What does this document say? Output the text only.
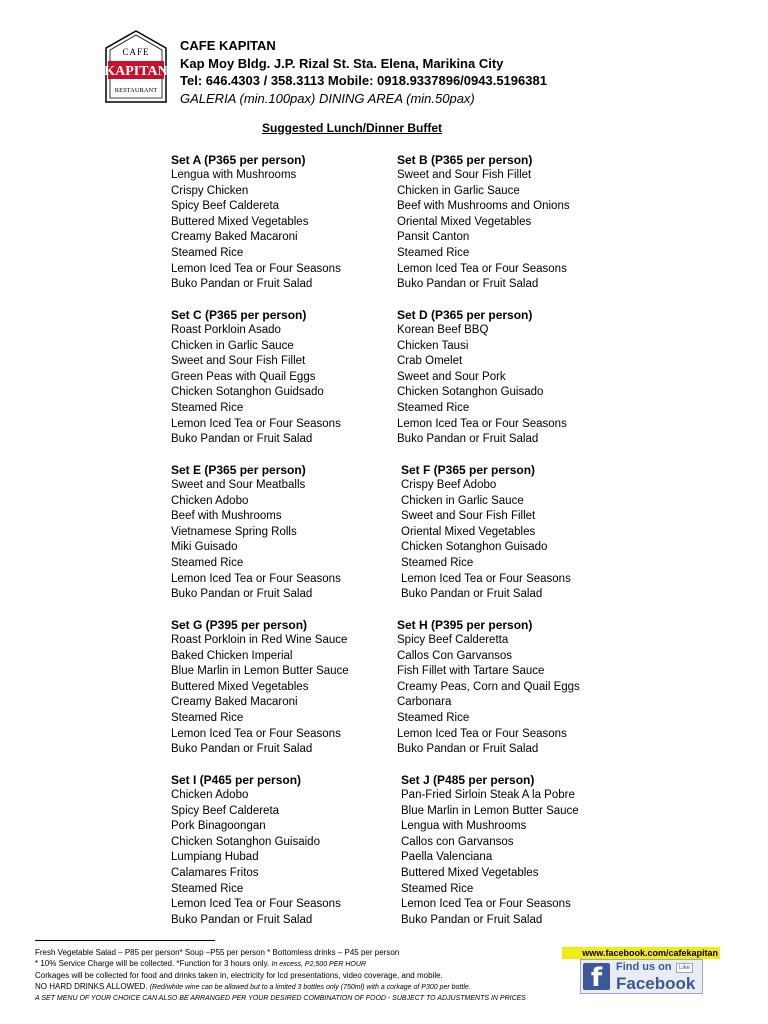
CAFE
KAPITAN
RESTAURANT
CAFE KAPITAN
Kap Moy Bldg. J.P. Rizal St. Sta. Elena, Marikina City
Tel: 646.4303 / 358.3113 Mobile: 0918.9337896/0943.5196381
GALERIA (min.100pax) DINING AREA (min.50pax)
Suggested Lunch/Dinner Buffet
Set A (P365 per person)
Lengua with Mushrooms
Crispy Chicken
Spicy Beef Caldereta
Buttered Mixed Vegetables
Creamy Baked Macaroni
Steamed Rice
Lemon Iced Tea or Four Seasons
Buko Pandan or Fruit Salad
Set B (P365 per person)
Sweet and Sour Fish Fillet
Chicken in Garlic Sauce
Beef with Mushrooms and Onions
Oriental Mixed Vegetables
Pansit Canton
Steamed Rice
Lemon Iced Tea or Four Seasons
Buko Pandan or Fruit Salad
Set C (P365 per person)
Roast Porkloin Asado
Chicken in Garlic Sauce
Sweet and Sour Fish Fillet
Green Peas with Quail Eggs
Chicken Sotanghon Guidsado
Steamed Rice
Lemon Iced Tea or Four Seasons
Buko Pandan or Fruit Salad
Set D (P365 per person)
Korean Beef BBQ
Chicken Tausi
Crab Omelet
Sweet and Sour Pork
Chicken Sotanghon Guisado
Steamed Rice
Lemon Iced Tea or Four Seasons
Buko Pandan or Fruit Salad
Set E (P365 per person)
Sweet and Sour Meatballs
Chicken Adobo
Beef with Mushrooms
Vietnamese Spring Rolls
Miki Guisado
Steamed Rice
Lemon Iced Tea or Four Seasons
Buko Pandan or Fruit Salad
Set F (P365 per person)
Crispy Beef Adobo
Chicken in Garlic Sauce
Sweet and Sour Fish Fillet
Oriental Mixed Vegetables
Chicken Sotanghon Guisado
Steamed Rice
Lemon Iced Tea or Four Seasons
Buko Pandan or Fruit Salad
Set G (P395 per person)
Roast Porkloin in Red Wine Sauce
Baked Chicken Imperial
Blue Marlin in Lemon Butter Sauce
Buttered Mixed Vegetables
Creamy Baked Macaroni
Steamed Rice
Lemon Iced Tea or Four Seasons
Buko Pandan or Fruit Salad
Set H (P395 per person)
Spicy Beef Calderetta
Callos Con Garvansos
Fish Fillet with Tartare Sauce
Creamy Peas, Corn and Quail Eggs
Carbonara
Steamed Rice
Lemon Iced Tea or Four Seasons
Buko Pandan or Fruit Salad
Set I (P465 per person)
Chicken Adobo
Spicy Beef Caldereta
Pork Binagoongan
Chicken Sotanghon Guisaido
Lumpiang Hubad
Calamares Fritos
Steamed Rice
Lemon Iced Tea or Four Seasons
Buko Pandan or Fruit Salad
Set J (P485 per person)
Pan-Fried Sirloin Steak A la Pobre
Blue Marlin in Lemon Butter Sauce
Lengua with Mushrooms
Callos con Garvansos
Paella Valenciana
Buttered Mixed Vegetables
Steamed Rice
Lemon Iced Tea or Four Seasons
Buko Pandan or Fruit Salad
Fresh Vegetable Salad – P85 per person* Soup –P55 per person * Bottomless drinks – P45 per person
* 10% Service Charge will be collected. *Function for 3 hours only. In excess, P2,500 PER HOUR
Corkages will be collected for food and drinks taken in, electricity for lcd presentations, video coverage, and mobile.
NO HARD DRINKS ALLOWED. (Red/white wine can be allowed but to a limited 3 bottles only (750ml) with a corkage of P300 per bottle.
A SET MENU OF YOUR CHOICE CAN ALSO BE ARRANGED PER YOUR DESIRED COMBINATION OF FOOD - SUBJECT TO ADJUSTMENTS IN PRICES
www.facebook.com/cafekapitan
f	Find us on	Like
Facebook
